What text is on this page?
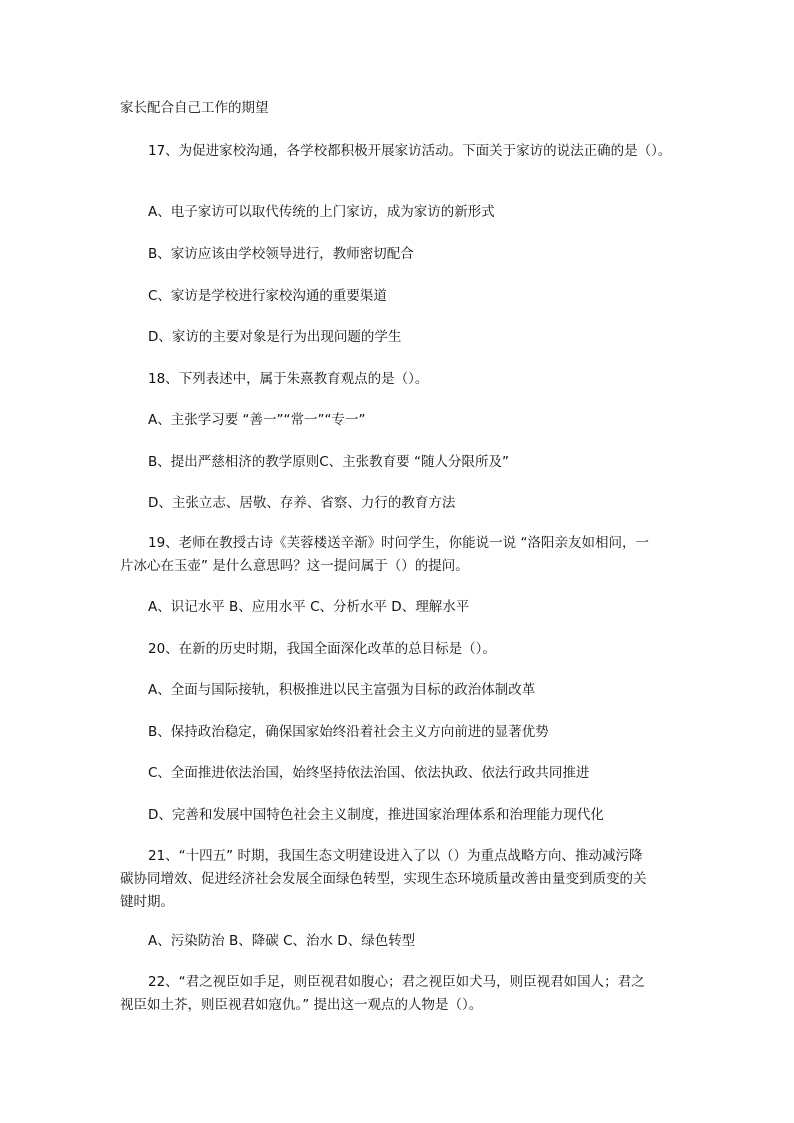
家长配合自己工作的期望
17、为促进家校沟通，各学校都积极开展家访活动。下面关于家访的说法正确的是（）。
A、电子家访可以取代传统的上门家访，成为家访的新形式
B、家访应该由学校领导进行，教师密切配合
C、家访是学校进行家校沟通的重要渠道
D、家访的主要对象是行为出现问题的学生
18、下列表述中，属于朱熹教育观点的是（）。
A、主张学习要 “善一”“常一”“专一”
B、提出严慈相济的教学原则C、主张教育要 “随人分限所及”
D、主张立志、居敬、存养、省察、力行的教育方法
19、老师在教授古诗《芙蓉楼送辛渐》时问学生，你能说一说 “洛阳亲友如相问，一片冰心在玉壶” 是什么意思吗？这一提问属于（）的提问。
A、识记水平 B、应用水平 C、分析水平 D、理解水平
20、在新的历史时期，我国全面深化改革的总目标是（）。
A、全面与国际接轨，积极推进以民主富强为目标的政治体制改革
B、保持政治稳定，确保国家始终沿着社会主义方向前进的显著优势
C、全面推进依法治国，始终坚持依法治国、依法执政、依法行政共同推进
D、完善和发展中国特色社会主义制度，推进国家治理体系和治理能力现代化
21、“十四五” 时期，我国生态文明建设进入了以（）为重点战略方向、推动减污降碳协同增效、促进经济社会发展全面绿色转型，实现生态环境质量改善由量变到质变的关键时期。
A、污染防治 B、降碳 C、治水 D、绿色转型
22、“君之视臣如手足，则臣视君如腹心；君之视臣如犬马，则臣视君如国人；君之视臣如土芥，则臣视君如寇仇。” 提出这一观点的人物是（）。
